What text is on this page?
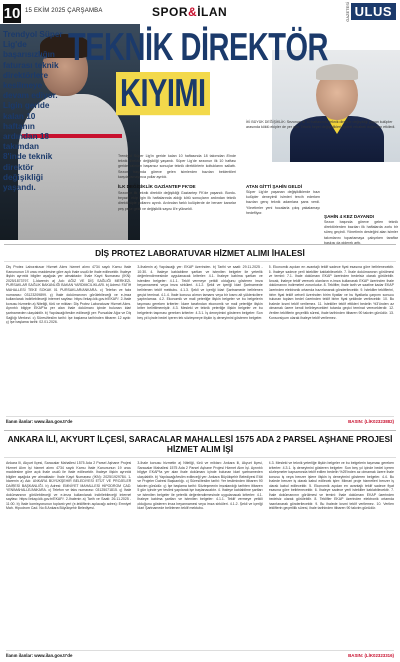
10 15 EKİM 2025 ÇARŞAMBA	SPOR&İLAN	GAZETESİ ULUS
Trendyol Süper Lig'de başarısızlığın faturası teknik direktörlere kesilmeye devam ediyor. Ligin geride kalan 10 haftanın ardından 18 takımdan 8'inde teknik direktör değişikliği yaşandı.
TEKNİK DİREKTÖR
KIYIMI
İKİ BÜYÜK DEĞİŞİKLİK: Sezonun ilk 10 haftasında teknik direktör değişikliği yapan kulüpler arasında köklü ekipler de yer aldı. Teknik heyet değişiklikleri ligdeki rekabeti doğrudan etkiledi.
Trendyol Süper Lig'in geride kalan 10 haftasında 18 takımdan 8'inde teknik direktör değişikliği yaşandı. Süper Lig'de sezonun ilk 10 haftası geride kalırken başarısız sonuçlar teknik direktörlerin koltuklarını sallattı. Sezon başında göreve gelen isimlerden bazıları beklentileri karşılayamayınca yollar ayrıldı.
İLK DEĞİŞİKLİK GAZİANTEP FK'DE
Sezonun ilk teknik direktör değişikliği Gaziantep FK'de yaşandı. Bordo-beyazlı ekip ligin ilk haftalarında aldığı kötü sonuçların ardından teknik direktörüyle yollarını ayırdı. Ardından farklı kulüplerde de benzer kararlar peş peşe geldi ve değişiklik sayısı 8'e yükseldi.
ATAN GİTTİ ŞAHİN GELDİ
Süper Lig'de yaşanan değişikliklerde bazı kulüpler deneyimli isimleri tercih ederken bazıları genç teknik adamlara şans verdi. Yönetimler yeni hocalarla çıkış yakalamayı hedefliyor.
ŞAHİN 4 KEZ DAYANDI
Sezon başında göreve gelen teknik direktörlerden bazıları ilk haftalarda zorlu bir süreç geçirdi. Yönetimin desteğini alan isimler takımlarını toparlamaya çalışırken taraftar baskısı da giderek arttı.
DİŞ PROTEZ LABORATUVAR HİZMET ALIMI İHALESİ
Diş Protez Laboratuvar Hizmet Alımı hizmet alımı 4734 sayılı Kamu İhale Kanununun 19 uncu maddesine göre açık ihale usulü ile ihale edilecektir. İhaleye ilişkin ayrıntılı bilgiler aşağıda yer almaktadır: İhale Kayıt Numarası (İKN): 2025/1873797. 1-İdarenin a) Adı: AĞIZ VE DİŞ SAĞLIĞI MERKEZİ-PURSAKLAR SAĞLIK BAKANLIĞI BAKAN YARDIMCILIKLARI. b) Adresi: FATİH MAHALLESİ TEKE SOKAK 01 PURSAKLAR/ANKARA. c) Telefon ve faks numarası: 03123209899. ç) İhale dokümanının görülebileceği ve e-imza kullanılarak indirilebileceği internet sayfası: https://ekap.kik.gov.tr/EKAP/. 2-İhale konusu hizmetin a) Niteliği, türü ve miktarı: Diş Protez Laboratuvar Hizmet Alımı. Ayrıntılı bilgiye EKAP'ta yer alan ihale dokümanı içinde bulunan idari şartnameden ulaşılabilir. b) Yapılacağı/teslim edileceği yer: Pursaklar Ağız ve Diş Sağlığı Merkezi. c) Süresi/teslim tarihi: İşe başlama tarihinden itibaren 12 aydır. ç) İşe başlama tarihi: 02.01.2026.
3-İhalenin a) Yapılacağı yer: EKAP üzerinden. b) Tarihi ve saati: 29.11.2025 - 10:30. 4. İhaleye katılabilme şartları ve istenilen belgeler ile yeterlik değerlendirmesinde uygulanacak kriterler: 4.1. İhaleye katılma şartları ve istenilen belgeler: 4.1.1. Teklif vermeye yetkili olduğunu gösteren imza beyannamesi veya imza sirküleri. 4.1.2. Şekli ve içeriği İdari Şartnamede belirlenen teklif mektubu. 4.1.3. Şekli ve içeriği İdari Şartnamede belirlenen geçici teminat. 4.1.4. İhale konusu alımın tamamı veya bir kısmı alt yüklenicilere yaptırılamaz. 4.2. Ekonomik ve mali yeterliğe ilişkin belgeler ve bu belgelerin taşıması gereken kriterler: İdare tarafından ekonomik ve mali yeterliğe ilişkin kriter belirtilmemiştir. 4.3. Mesleki ve teknik yeterliğe ilişkin belgeler ve bu belgelerin taşıması gereken kriterler: 4.3.1. İş deneyimini gösteren belgeler: Son beş yıl içinde bedel içeren tek sözleşmeye ilişkin iş deneyimini gösteren belgeler.
5. Ekonomik açıdan en avantajlı teklif sadece fiyat esasına göre belirlenecektir. 6. İhaleye sadece yerli istekliler katılabilecektir. 7. İhale dokümanının görülmesi ve temini: 7.1. İhale dokümanı EKAP üzerinden bedelsiz olarak görülebilir. Ancak, ihaleye teklif verecek olanların e-imza kullanarak EKAP üzerinden ihale dokümanını indirmeleri zorunludur. 8. Teklifler, ihale tarih ve saatine kadar EKAP üzerinden elektronik ortamda hazırlanarak gönderilecektir. 9. İstekliler tekliflerini, birim fiyat teklif cetveli üzerinden birim fiyatlar ve bu fiyatlarla çarpımı sonucu bulunan toplam bedel üzerinden teklif birim fiyat şeklinde verilecektir. 10. Bu ihalede kısmi teklif verilemez. 11. İstekliler teklif ettikleri bedelin %3'ünden az olmamak üzere kendi belirleyecekleri tutarda geçici teminat vereceklerdir. 12. Verilen tekliflerin geçerlilik süresi, ihale tarihinden itibaren 90 takvim günüdür. 13. Konsorsiyum olarak ihaleye teklif verilemez.
İlanın ilanlar: www.ilan.gov.tr'de	BASIN: (LİK02323882)
ANKARA İLİ, AKYURT İLÇESİ, SARACALAR MAHALLESİ 1575 ADA 2 PARSEL AŞHANE PROJESİ HİZMET ALIM İŞİ
Ankara İli, Akyurt İlçesi, Saracalar Mahallesi 1575 Ada 2 Parsel Aşhane Projesi Hizmet Alım İşi hizmet alımı 4734 sayılı Kamu İhale Kanununun 19 uncu maddesine göre açık ihale usulü ile ihale edilecektir. İhaleye ilişkin ayrıntılı bilgiler aşağıda yer almaktadır: İhale Kayıt Numarası (İKN): 2025/1929784. 1-İdarenin a) Adı: ANKARA BÜYÜKŞEHİR BELEDİYESİ ETÜT VE PROJELER DAİRESİ BAŞKANLIĞI. b) Adresi: EMNİYET MAHALLESİ HİPODROM CAD. YENİMAHALLE/ANKARA. c) Telefon ve faks numarası: 03125071815. ç) İhale dokümanının görülebileceği ve e-imza kullanılarak indirilebileceği internet sayfası: https://ekap.kik.gov.tr/EKAP/. 2-İhalenin a) Tarih ve Saati: 26.11.2025 - 11:00. b) İhale komisyonunun toplantı yeri (e-tekliflerin açılacağı adres): Emniyet Mah. Hipodrom Cad. No:5 Ankara Büyükşehir Belediyesi.
3-İhale konusu hizmetin a) Niteliği, türü ve miktarı: Ankara İli, Akyurt İlçesi, Saracalar Mahallesi 1575 Ada 2 Parsel Aşhane Projesi Hizmet Alım İşi. Ayrıntılı bilgiye EKAP'ta yer alan ihale dokümanı içinde bulunan idari şartnameden ulaşılabilir. b) Yapılacağı/teslim edileceği yer: Ankara Büyükşehir Belediyesi Etüt ve Projeler Dairesi Başkanlığı. c) Süresi/teslim tarihi: Yer tesliminden itibaren 90 takvim günüdür. ç) İşe başlama tarihi: Sözleşmenin imzalandığı tarihten itibaren 5 gün içinde yer teslimi yapılarak işe başlanacaktır. 4. İhaleye katılabilme şartları ve istenilen belgeler ile yeterlik değerlendirmesinde uygulanacak kriterler: 4.1. İhaleye katılma şartları ve istenilen belgeler: 4.1.1. Teklif vermeye yetkili olduğunu gösteren imza beyannamesi veya imza sirküleri. 4.1.2. Şekli ve içeriği İdari Şartnamede belirlenen teklif mektubu.
4.3. Mesleki ve teknik yeterliğe ilişkin belgeler ve bu belgelerin taşıması gereken kriterler: 4.3.1. İş deneyimini gösteren belgeler: Son beş yıl içinde bedel içeren sözleşmeler kapsamında teklif edilen bedelin %25'inden az olmamak üzere ihale konusu iş veya benzer işlere ilişkin iş deneyimini gösteren belgeler. 4.4. Bu ihalede benzer iş olarak kabul edilecek işler: Mimari proje hizmetleri benzer iş olarak kabul edilecektir. 5. Ekonomik açıdan en avantajlı teklif sadece fiyat esasına göre belirlenecektir. 6. İhaleye sadece yerli istekliler katılabilecektir. 7. İhale dokümanının görülmesi ve temini: İhale dokümanı EKAP üzerinden bedelsiz olarak görülebilir. 8. Teklifler EKAP üzerinden elektronik ortamda hazırlanarak gönderilecektir. 9. Bu ihalede kısmi teklif verilemez. 10. Verilen tekliflerin geçerlilik süresi, ihale tarihinden itibaren 90 takvim günüdür.
İlanın ilanlar: www.ilan.gov.tr'de	BASIN: (LİK02323316)
